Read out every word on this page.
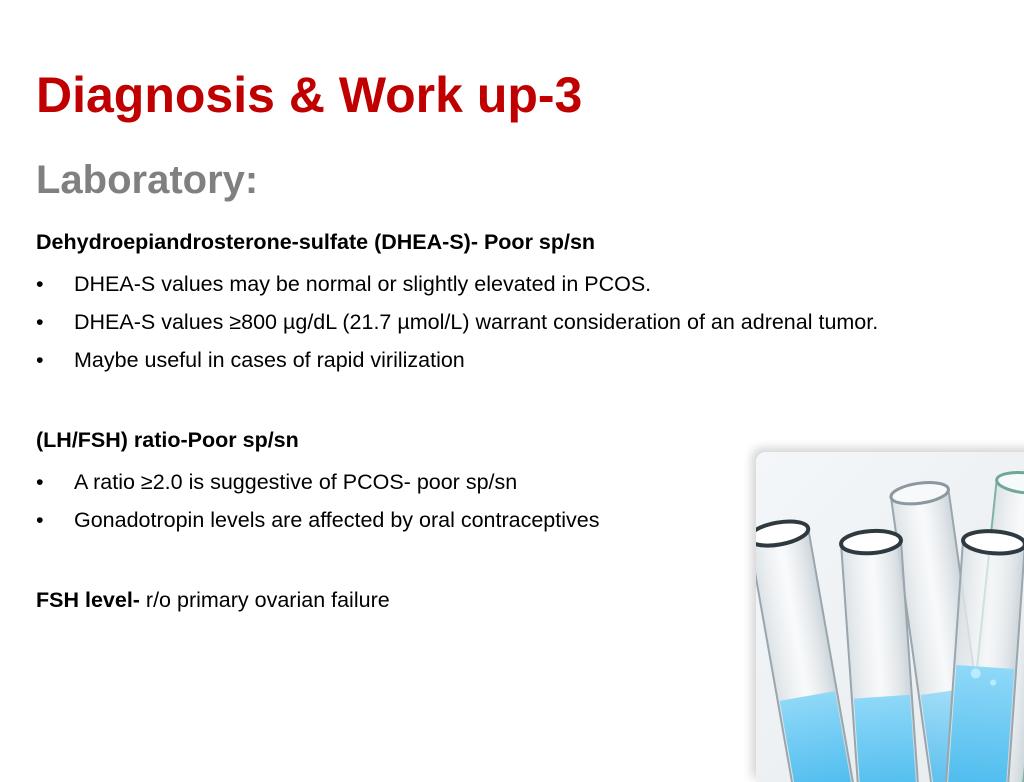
Diagnosis & Work up-3
Laboratory:
Dehydroepiandrosterone-sulfate (DHEA-S)- Poor sp/sn
• DHEA-S values may be normal or slightly elevated in PCOS.
• DHEA-S values ≥800 µg/dL (21.7 µmol/L) warrant consideration of an adrenal tumor.
• Maybe useful in cases of rapid virilization
(LH/FSH) ratio-Poor sp/sn
• A ratio ≥2.0 is suggestive of PCOS- poor sp/sn
• Gonadotropin levels are affected by oral contraceptives
FSH level- r/o primary ovarian failure
